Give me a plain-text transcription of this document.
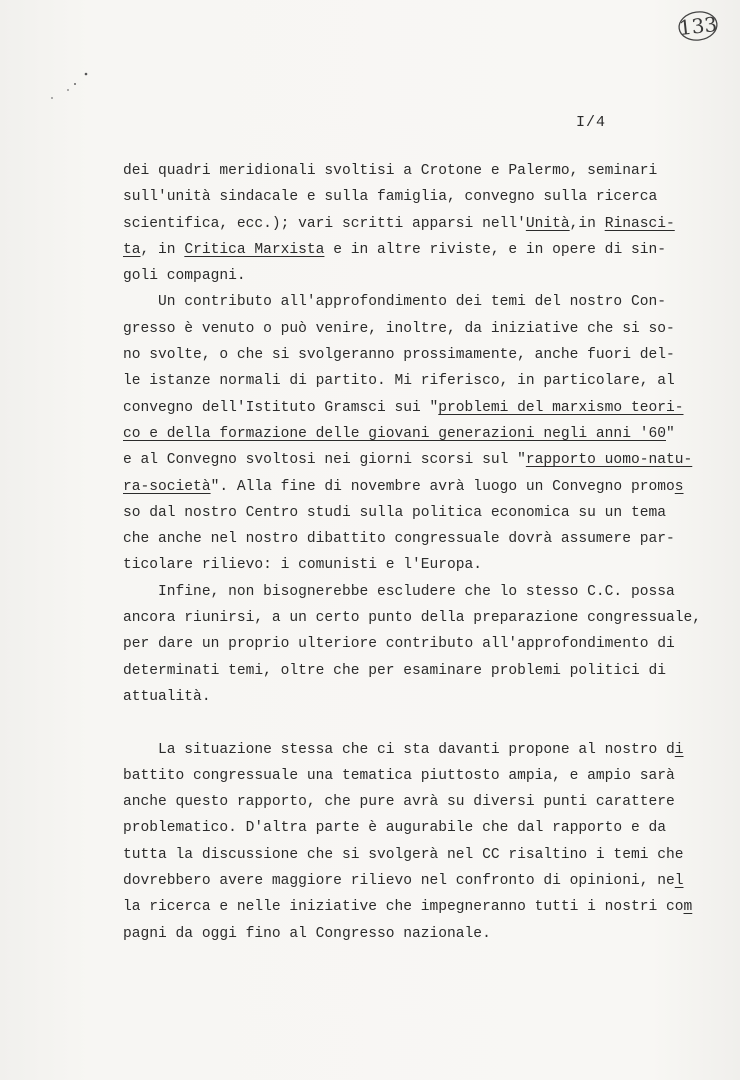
133
I/4
dei quadri meridionali svoltisi a Crotone e Palermo, seminari
sull'unità sindacale e sulla famiglia, convegno sulla ricerca
scientifica, ecc.); vari scritti apparsi nell'Unità,in Rinasci-
ta, in Critica Marxista e in altre riviste, e in opere di sin-
goli compagni.
Un contributo all'approfondimento dei temi del nostro Con-
gresso è venuto o può venire, inoltre, da iniziative che si so-
no svolte, o che si svolgeranno prossimamente, anche fuori del-
le istanze normali di partito. Mi riferisco, in particolare, al
convegno dell'Istituto Gramsci sui "problemi del marxismo teori-
co e della formazione delle giovani generazioni negli anni '60"
e al Convegno svoltosi nei giorni scorsi sul "rapporto uomo-natu-
ra-società". Alla fine di novembre avrà luogo un Convegno promos
so dal nostro Centro studi sulla politica economica su un tema
che anche nel nostro dibattito congressuale dovrà assumere par-
ticolare rilievo: i comunisti e l'Europa.
Infine, non bisognerebbe escludere che lo stesso C.C. possa
ancora riunirsi, a un certo punto della preparazione congressuale,
per dare un proprio ulteriore contributo all'approfondimento di
determinati temi, oltre che per esaminare problemi politici di
attualità.
La situazione stessa che ci sta davanti propone al nostro di
battito congressuale una tematica piuttosto ampia, e ampio sarà
anche questo rapporto, che pure avrà su diversi punti carattere
problematico. D'altra parte è augurabile che dal rapporto e da
tutta la discussione che si svolgerà nel CC risaltino i temi che
dovrebbero avere maggiore rilievo nel confronto di opinioni, nel
la ricerca e nelle iniziative che impegneranno tutti i nostri com
pagni da oggi fino al Congresso nazionale.
